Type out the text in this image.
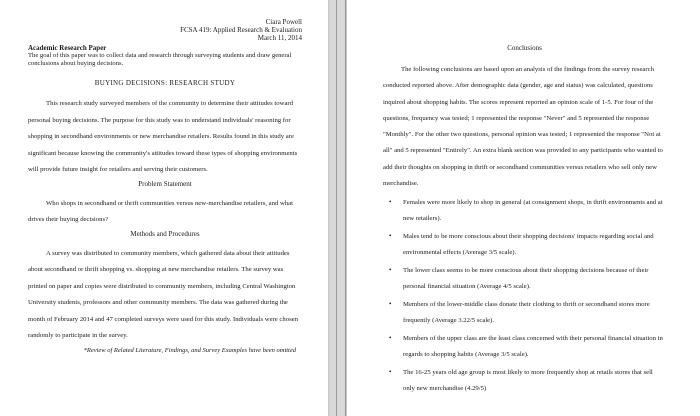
Ciara Powell
FCSA 419: Applied Research & Evaluation
March 11, 2014
Academic Research Paper
The goal of this paper was to collect data and research through surveying students and draw general conclusions about buying decisions.
BUYING DECISIONS: RESEARCH STUDY

This research study surveyed members of the community to determine their attitudes toward personal buying decisions. The purpose for this study was to understand individuals' reasoning for shopping in secondhand environments or new merchandise retailers. Results found in this study are significant because knowing the community's attitudes toward these types of shopping environments will provide future insight for retailers and serving their customers.

Problem Statement

Who shops in secondhand or thrift communities versus new-merchandise retailers, and what drives their buying decisions?

Methods and Procedures

A survey was distributed to community members, which gathered data about their attitudes about secondhand or thrift shopping vs. shopping at new merchandise retailers. The survey was printed on paper and copies were distributed to community members, including Central Washington University students, professors and other community members. The data was gathered during the month of February 2014 and 47 completed surveys were used for this study. Individuals were chosen randomly to participate in the survey.

*Review of Related Literature, Findings, and Survey Examples have been omitted
Conclusions

The following conclusions are based upon an analysis of the findings from the survey research conducted reported above. After demographic data (gender, age and status) was calculated, questions inquired about shopping habits. The scores represent reported an opinion scale of 1-5. For four of the questions, frequency was tested; 1 represented the response "Never" and 5 represented the response "Monthly". For the other two questions, personal opinion was tested; 1 represented the response "Not at all" and 5 represented "Entirely". An extra blank section was provided to any participants who wanted to add their thoughts on shopping in thrift or secondhand communities versus retailers who sell only new merchandise.

• Females were more likely to shop in general (at consignment shops, in thrift environments and at new retailers).
• Males tend to be more conscious about their shopping decisions' impacts regarding social and environmental effects (Average 3/5 scale).
• The lower class seems to be more conscious about their shopping decisions because of their personal financial situation (Average 4/5 scale).
• Members of the lower-middle class donate their clothing to thrift or secondhand stores more frequently (Average 3.22/5 scale).
• Members of the upper class are the least class concerned with their personal financial situation in regards to shopping habits (Average 3/5 scale).
• The 16-25 years old age group is most likely to more frequently shop at retails stores that sell only new merchandise (4.29/5)
